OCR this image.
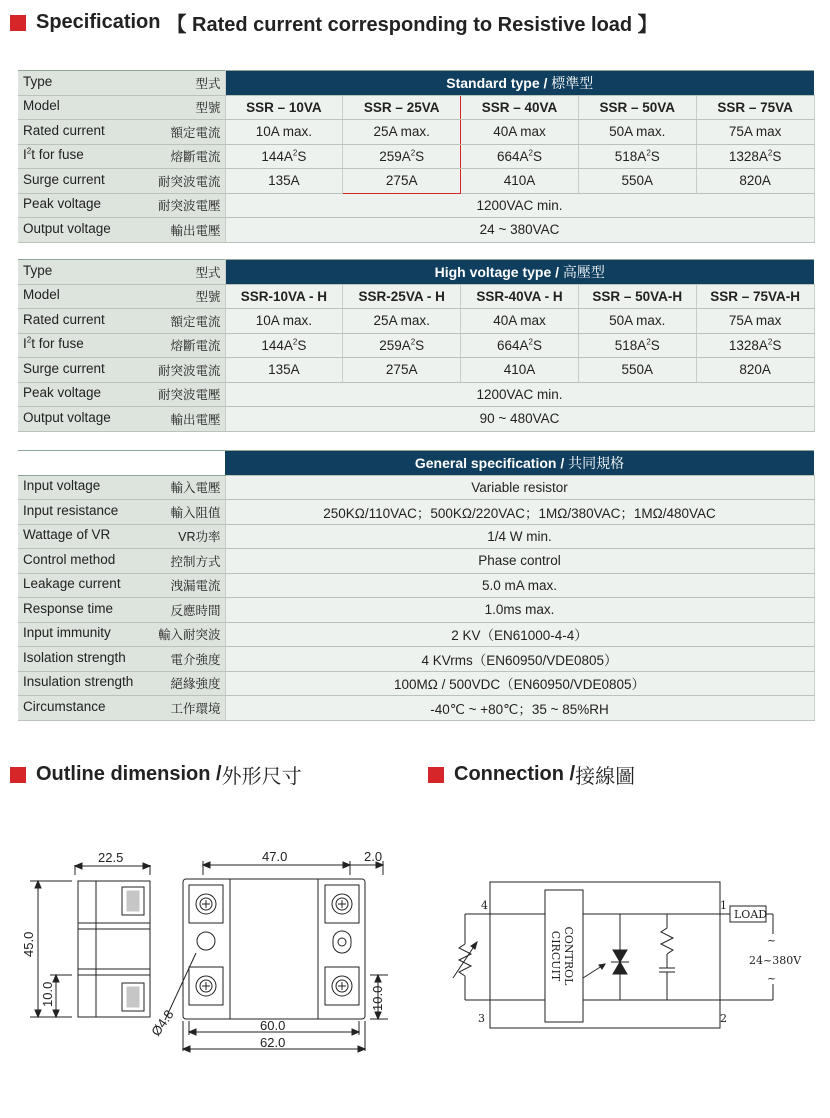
Specification 【 Rated current corresponding to Resistive load 】
Type 型式	Standard type / 標準型				

Model 型號	SSR – 10VA	SSR – 25VA	SSR – 40VA	SSR – 50VA	SSR – 75VA

Rated current 額定電流	10A max.	25A max.	40A max	50A max.	75A max

$I^2t$ for fuse 熔斷電流	$144A^2S$	$259A^2S$	$664A^2S$	$518A^2S$	$1328A^2S$

Surge current 耐突波電流	135A	275A	410A	550A	820A

Peak voltage 耐突波電壓	1200VAC min.				

Output voltage 輸出電壓	24 ~ 380VAC				
Type 型式	High voltage type / 高壓型				

Model 型號	SSR-10VA - H	SSR-25VA - H	SSR-40VA - H	SSR – 50VA-H	SSR – 75VA-H

Rated current 額定電流	10A max.	25A max.	40A max	50A max.	75A max

$I^2t$ for fuse 熔斷電流	$144A^2S$	$259A^2S$	$664A^2S$	$518A^2S$	$1328A^2S$

Surge current 耐突波電流	135A	275A	410A	550A	820A

Peak voltage 耐突波電壓	1200VAC min.				

Output voltage 輸出電壓	90 ~ 480VAC				
	General specification / 共同規格

Input voltage 輸入電壓	Variable resistor

Input resistance 輸入阻值	250KΩ/110VAC；500KΩ/220VAC；1MΩ/380VAC；1MΩ/480VAC

Wattage of VR VR功率	1/4 W min.

Control method 控制方式	Phase control

Leakage current 洩漏電流	5.0 mA max.

Response time 反應時間	1.0ms max.

Input immunity 輸入耐突波	2 KV（EN61000-4-4）

Isolation strength 電介強度	4 KVrms（EN60950/VDE0805）

Insulation strength 絕緣強度	100MΩ / 500VDC（EN60950/VDE0805）

Circumstance 工作環境	-40℃ ~ +80℃；35 ~ 85%RH
Outline dimension / 外形尺寸	Connection / 接線圖
22.5
45.0
10.0
47.0	2.0
Ø4.8
10.0
60.0
62.0
CONTROL
CIRCUIT
4	1
3	2
LOAD
~
~
24~380V
